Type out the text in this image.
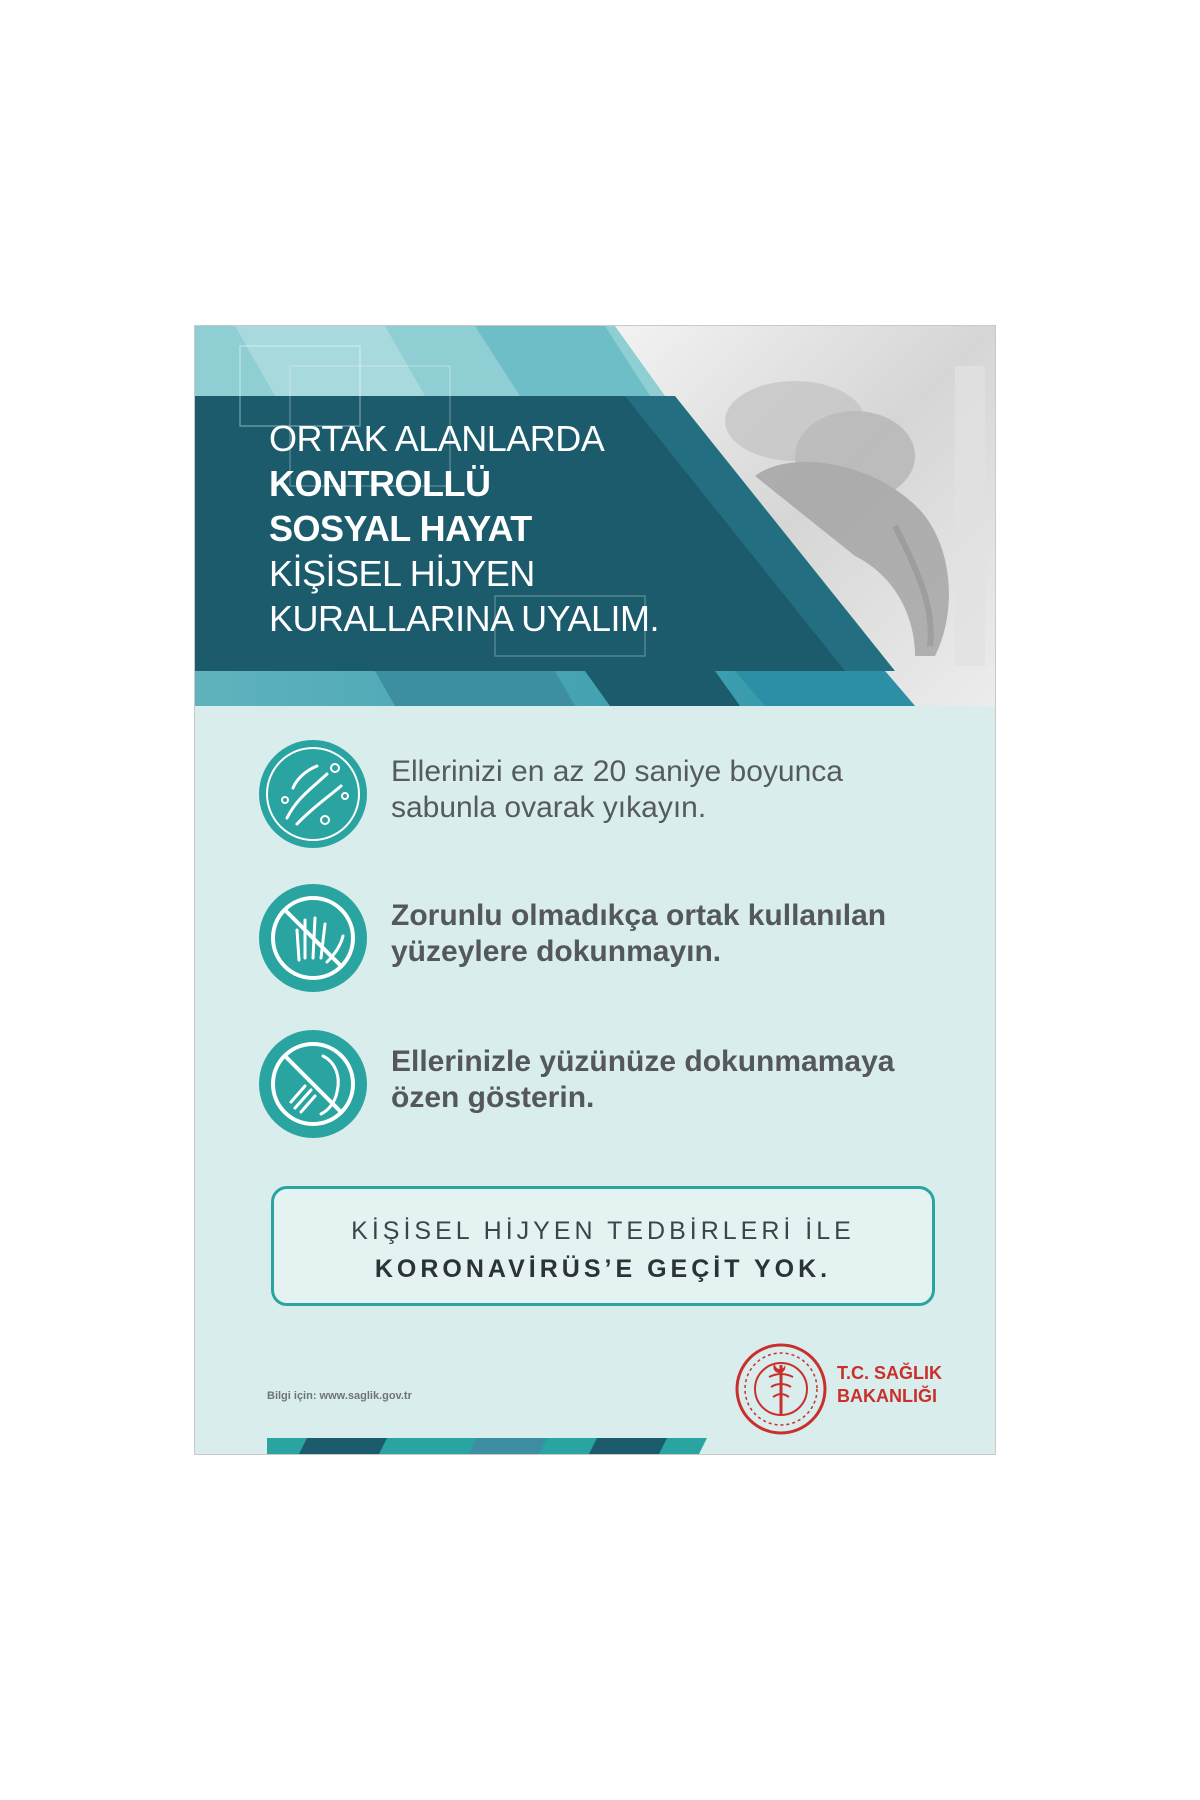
ORTAK ALANLARDA
KONTROLLÜ
SOSYAL HAYAT
KİŞİSEL HİJYEN
KURALLARINA UYALIM.
Ellerinizi en az 20 saniye boyunca
sabunla ovarak yıkayın.
Zorunlu olmadıkça ortak kullanılan
yüzeylere dokunmayın.
Ellerinizle yüzünüze dokunmamaya
özen gösterin.
KİŞİSEL HİJYEN TEDBİRLERİ İLE
KORONAVİRÜS’E GEÇİT YOK.
Bilgi için: www.saglik.gov.tr
T.C. SAĞLIK
BAKANLIĞI
